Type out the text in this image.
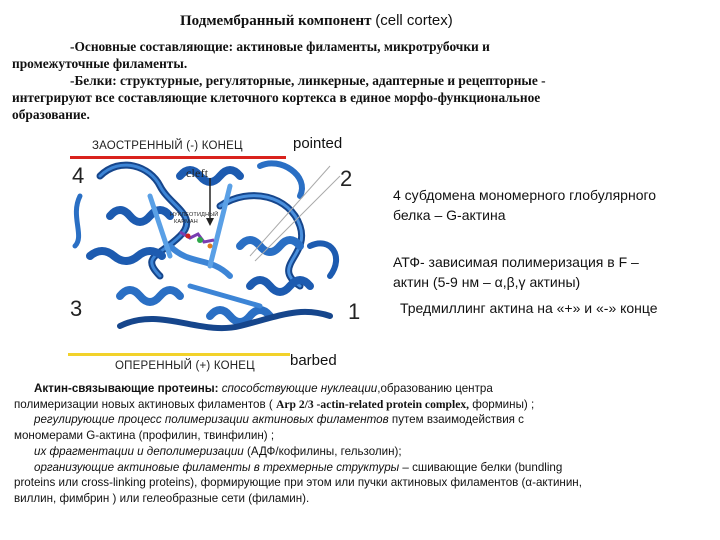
Подмембранный компонент (cell cortex)

-Основные составляющие: актиновые филаменты, микротрубочки и

промежуточные филаменты.

-Белки: структурные, регуляторные, линкерные, адаптерные и рецепторные -

интегрируют все составляющие клеточного кортекса в единое морфо-функциональное

образование.

ЗАОСТРЕННЫЙ (-) КОНЕЦ	pointed
cleft
НУКЛЕОТИДНЫЙ
КАРМАН
4	2
3	1
ОПЕРЕННЫЙ (+) КОНЕЦ barbed
4 субдомена мономерного глобулярного
белка – G-актина
АТФ- зависимая полимеризация в F –
актин (5-9 нм – α,β,γ актины)
Тредмиллинг актина на «+» и «-» конце
Актин-связывающие протеины: способствующие нуклеации,образованию центра
полимеризации новых актиновых филаментов ( Arp 2/3 -actin-related protein complex, формины) ;
регулирующие процесс полимеризации актиновых филаментов путем взаимодействия с
мономерами G-актина (профилин, твинфилин) ;
их фрагментации и деполимеризации (АДФ/кофилины, гельзолин);
организующие актиновые филаменты в трехмерные структуры – сшивающие белки (bundling
proteins или cross-linking proteins), формирующие при этом или пучки актиновых филаментов (α-актинин,
виллин, фимбрин ) или гелеобразные сети (филамин).
